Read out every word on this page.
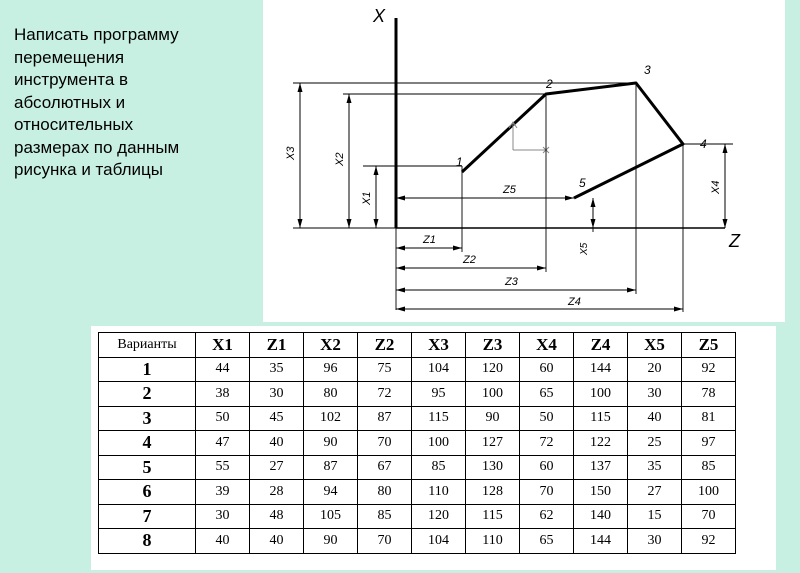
Написать программу
перемещения
инструмента в
абсолютных и
относительных
размерах по данным
рисунка и таблицы
X
Z
1
2
3
4
5
X3	X2
X1
X4
X5
Z1
Z2
Z3
Z4
Z5
Варианты	X1	Z1	X2	Z2	X3	Z3	X4	Z4	X5	Z5
1	44	35	96	75	104	120	60	144	20	92
2	38	30	80	72	95	100	65	100	30	78
3	50	45	102	87	115	90	50	115	40	81
4	47	40	90	70	100	127	72	122	25	97
5	55	27	87	67	85	130	60	137	35	85
6	39	28	94	80	110	128	70	150	27	100
7	30	48	105	85	120	115	62	140	15	70
8	40	40	90	70	104	110	65	144	30	92
